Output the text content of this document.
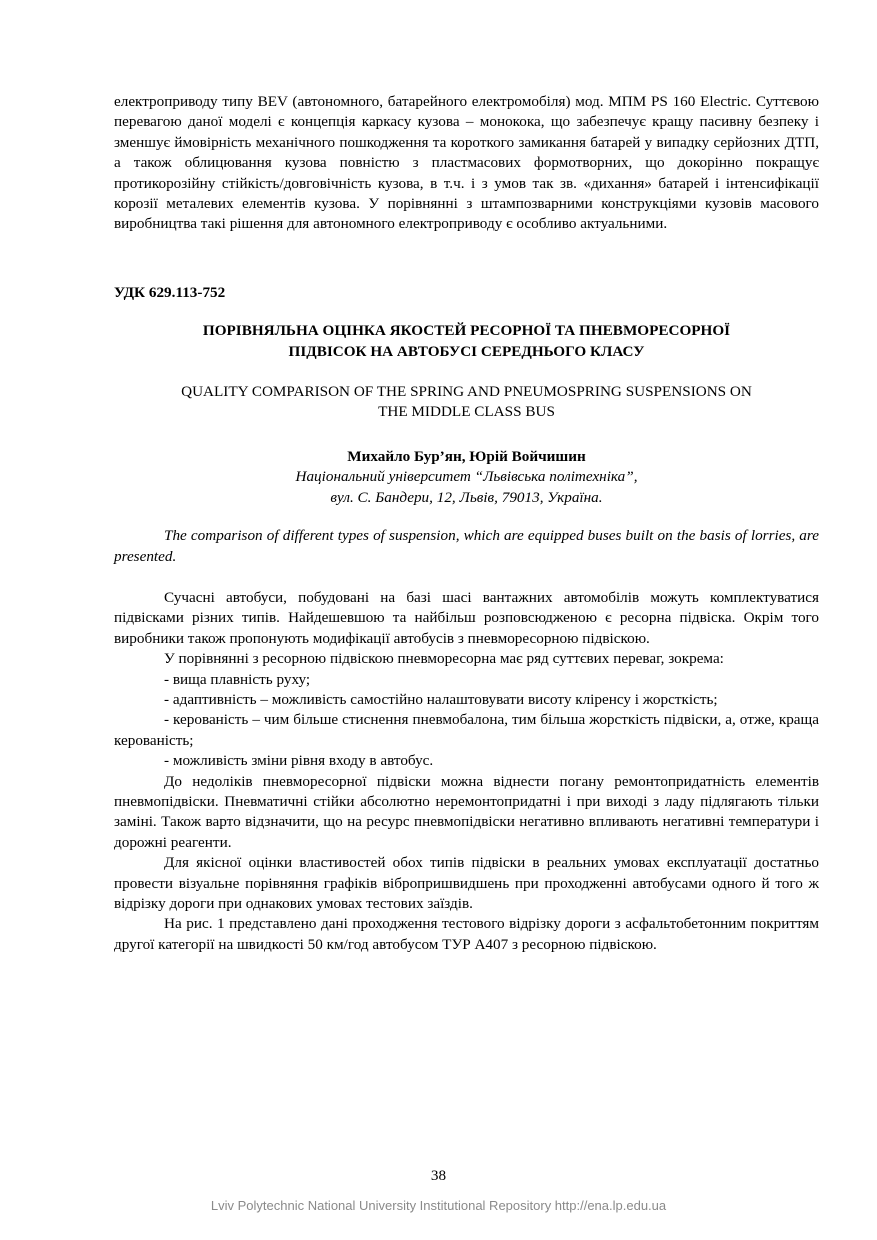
електроприводу типу BEV (автономного, батарейного електромобіля) мод. МПМ PS 160 Electric. Суттєвою перевагою даної моделі є концепція каркасу кузова – монокока, що забезпечує кращу пасивну безпеку і зменшує ймовірність механічного пошкодження та короткого замикання батарей у випадку серйозних ДТП, а також облицювання кузова повністю з пластмасових формотворних, що докорінно покращує протикорозійну стійкість/довговічність кузова, в т.ч. і з умов так зв. «дихання» батарей і інтенсифікації корозії металевих елементів кузова. У порівнянні з штампозварними конструкціями кузовів масового виробництва такі рішення для автономного електроприводу є особливо актуальними.

УДК 629.113-752

ПОРІВНЯЛЬНА ОЦІНКА ЯКОСТЕЙ РЕСОРНОЇ ТА ПНЕВМОРЕСОРНОЇ
ПІДВІСОК НА АВТОБУСІ СЕРЕДНЬОГО КЛАСУ
QUALITY COMPARISON OF THE SPRING AND PNEUMOSPRING SUSPENSIONS ON
THE MIDDLE CLASS BUS

Михайло Бур’ян, Юрій Войчишин

Національний університет “Львівська політехніка”,

вул. С. Бандери, 12, Львів, 79013, Україна.

The comparison of different types of suspension, which are equipped buses built on the basis of lorries, are presented.

Сучасні автобуси, побудовані на базі шасі вантажних автомобілів можуть комплектуватися підвісками різних типів. Найдешевшою та найбільш розповсюдженою є ресорна підвіска. Окрім того виробники також пропонують модифікації автобусів з пневморесорною підвіскою.

У порівнянні з ресорною підвіскою пневморесорна має ряд суттєвих переваг, зокрема:

- вища плавність руху;

- адаптивність – можливість самостійно налаштовувати висоту кліренсу і жорсткість;

- керованість – чим більше стиснення пневмобалона, тим більша жорсткість підвіски, а, отже, краща керованість;

- можливість зміни рівня входу в автобус.

До недоліків пневморесорної підвіски можна віднести погану ремонтопридатність елементів пневмопідвіски. Пневматичні стійки абсолютно неремонтопридатні і при виході з ладу підлягають тільки заміні. Також варто відзначити, що на ресурс пневмопідвіски негативно впливають негативні температури і дорожні реагенти.

Для якісної оцінки властивостей обох типів підвіски в реальних умовах експлуатації достатньо провести візуальне порівняння графіків вібропришвидшень при проходженні автобусами одного й того ж відрізку дороги при однакових умовах тестових заїздів.

На рис. 1 представлено дані проходження тестового відрізку дороги з асфальтобетонним покриттям другої категорії на швидкості 50 км/год автобусом ТУР А407 з ресорною підвіскою.

38
Lviv Polytechnic National University Institutional Repository http://ena.lp.edu.ua
